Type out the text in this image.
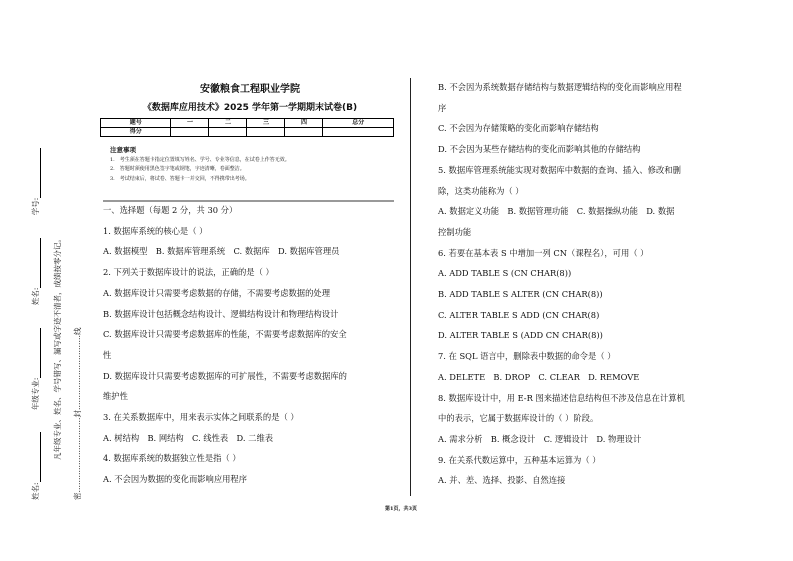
安徽粮食工程职业学院
《数据库应用技术》2025 学年第一学期期末试卷(B)
题号	一	二	三	四	总分
得分					
注意事项
1.　考生须在答题卡指定位置填写姓名、学号、专业等信息，在试卷上作答无效。
2.　答题时须使用黑色签字笔或钢笔，字迹清晰，卷面整洁。
3.　考试结束后，将试卷、答题卡一并交回，不得携带出考场。
一、选择题（每题 2 分，共 30 分）
1. 数据库系统的核心是（ ）
A. 数据模型　B. 数据库管理系统　C. 数据库　D. 数据库管理员
2. 下列关于数据库设计的说法，正确的是（ ）
A. 数据库设计只需要考虑数据的存储，不需要考虑数据的处理
B. 数据库设计包括概念结构设计、逻辑结构设计和物理结构设计
C. 数据库设计只需要考虑数据库的性能，不需要考虑数据库的安全
性
D. 数据库设计只需要考虑数据库的可扩展性，不需要考虑数据库的
维护性
3. 在关系数据库中，用来表示实体之间联系的是（ ）
A. 树结构　B. 网结构　C. 线性表　D. 二维表
4. 数据库系统的数据独立性是指（ ）
A. 不会因为数据的变化而影响应用程序
B. 不会因为系统数据存储结构与数据逻辑结构的变化而影响应用程
序
C. 不会因为存储策略的变化而影响存储结构
D. 不会因为某些存储结构的变化而影响其他的存储结构
5. 数据库管理系统能实现对数据库中数据的查询、插入、修改和删
除，这类功能称为（ ）
A. 数据定义功能　B. 数据管理功能　C. 数据操纵功能　D. 数据
控制功能
6. 若要在基本表 S 中增加一列 CN（课程名），可用（ ）
A. ADD TABLE S (CN CHAR(8))
B. ADD TABLE S ALTER (CN CHAR(8))
C. ALTER TABLE S ADD (CN CHAR(8)
D. ALTER TABLE S (ADD CN CHAR(8))
7. 在 SQL 语言中，删除表中数据的命令是（ ）
A. DELETE　B. DROP　C. CLEAR　D. REMOVE
8. 数据库设计中，用 E-R 图来描述信息结构但不涉及信息在计算机
中的表示，它属于数据库设计的（ ）阶段。
A. 需求分析　B. 概念设计　C. 逻辑设计　D. 物理设计
9. 在关系代数运算中，五种基本运算为（ ）
A. 并、差、选择、投影、自然连接
姓名: 年级专业: 姓名: 学号:
凡年级专业、姓名、学号错写、漏写或字迹不清者，成绩按零分记。 密…………………………封…………………………线
第1页，共3页
